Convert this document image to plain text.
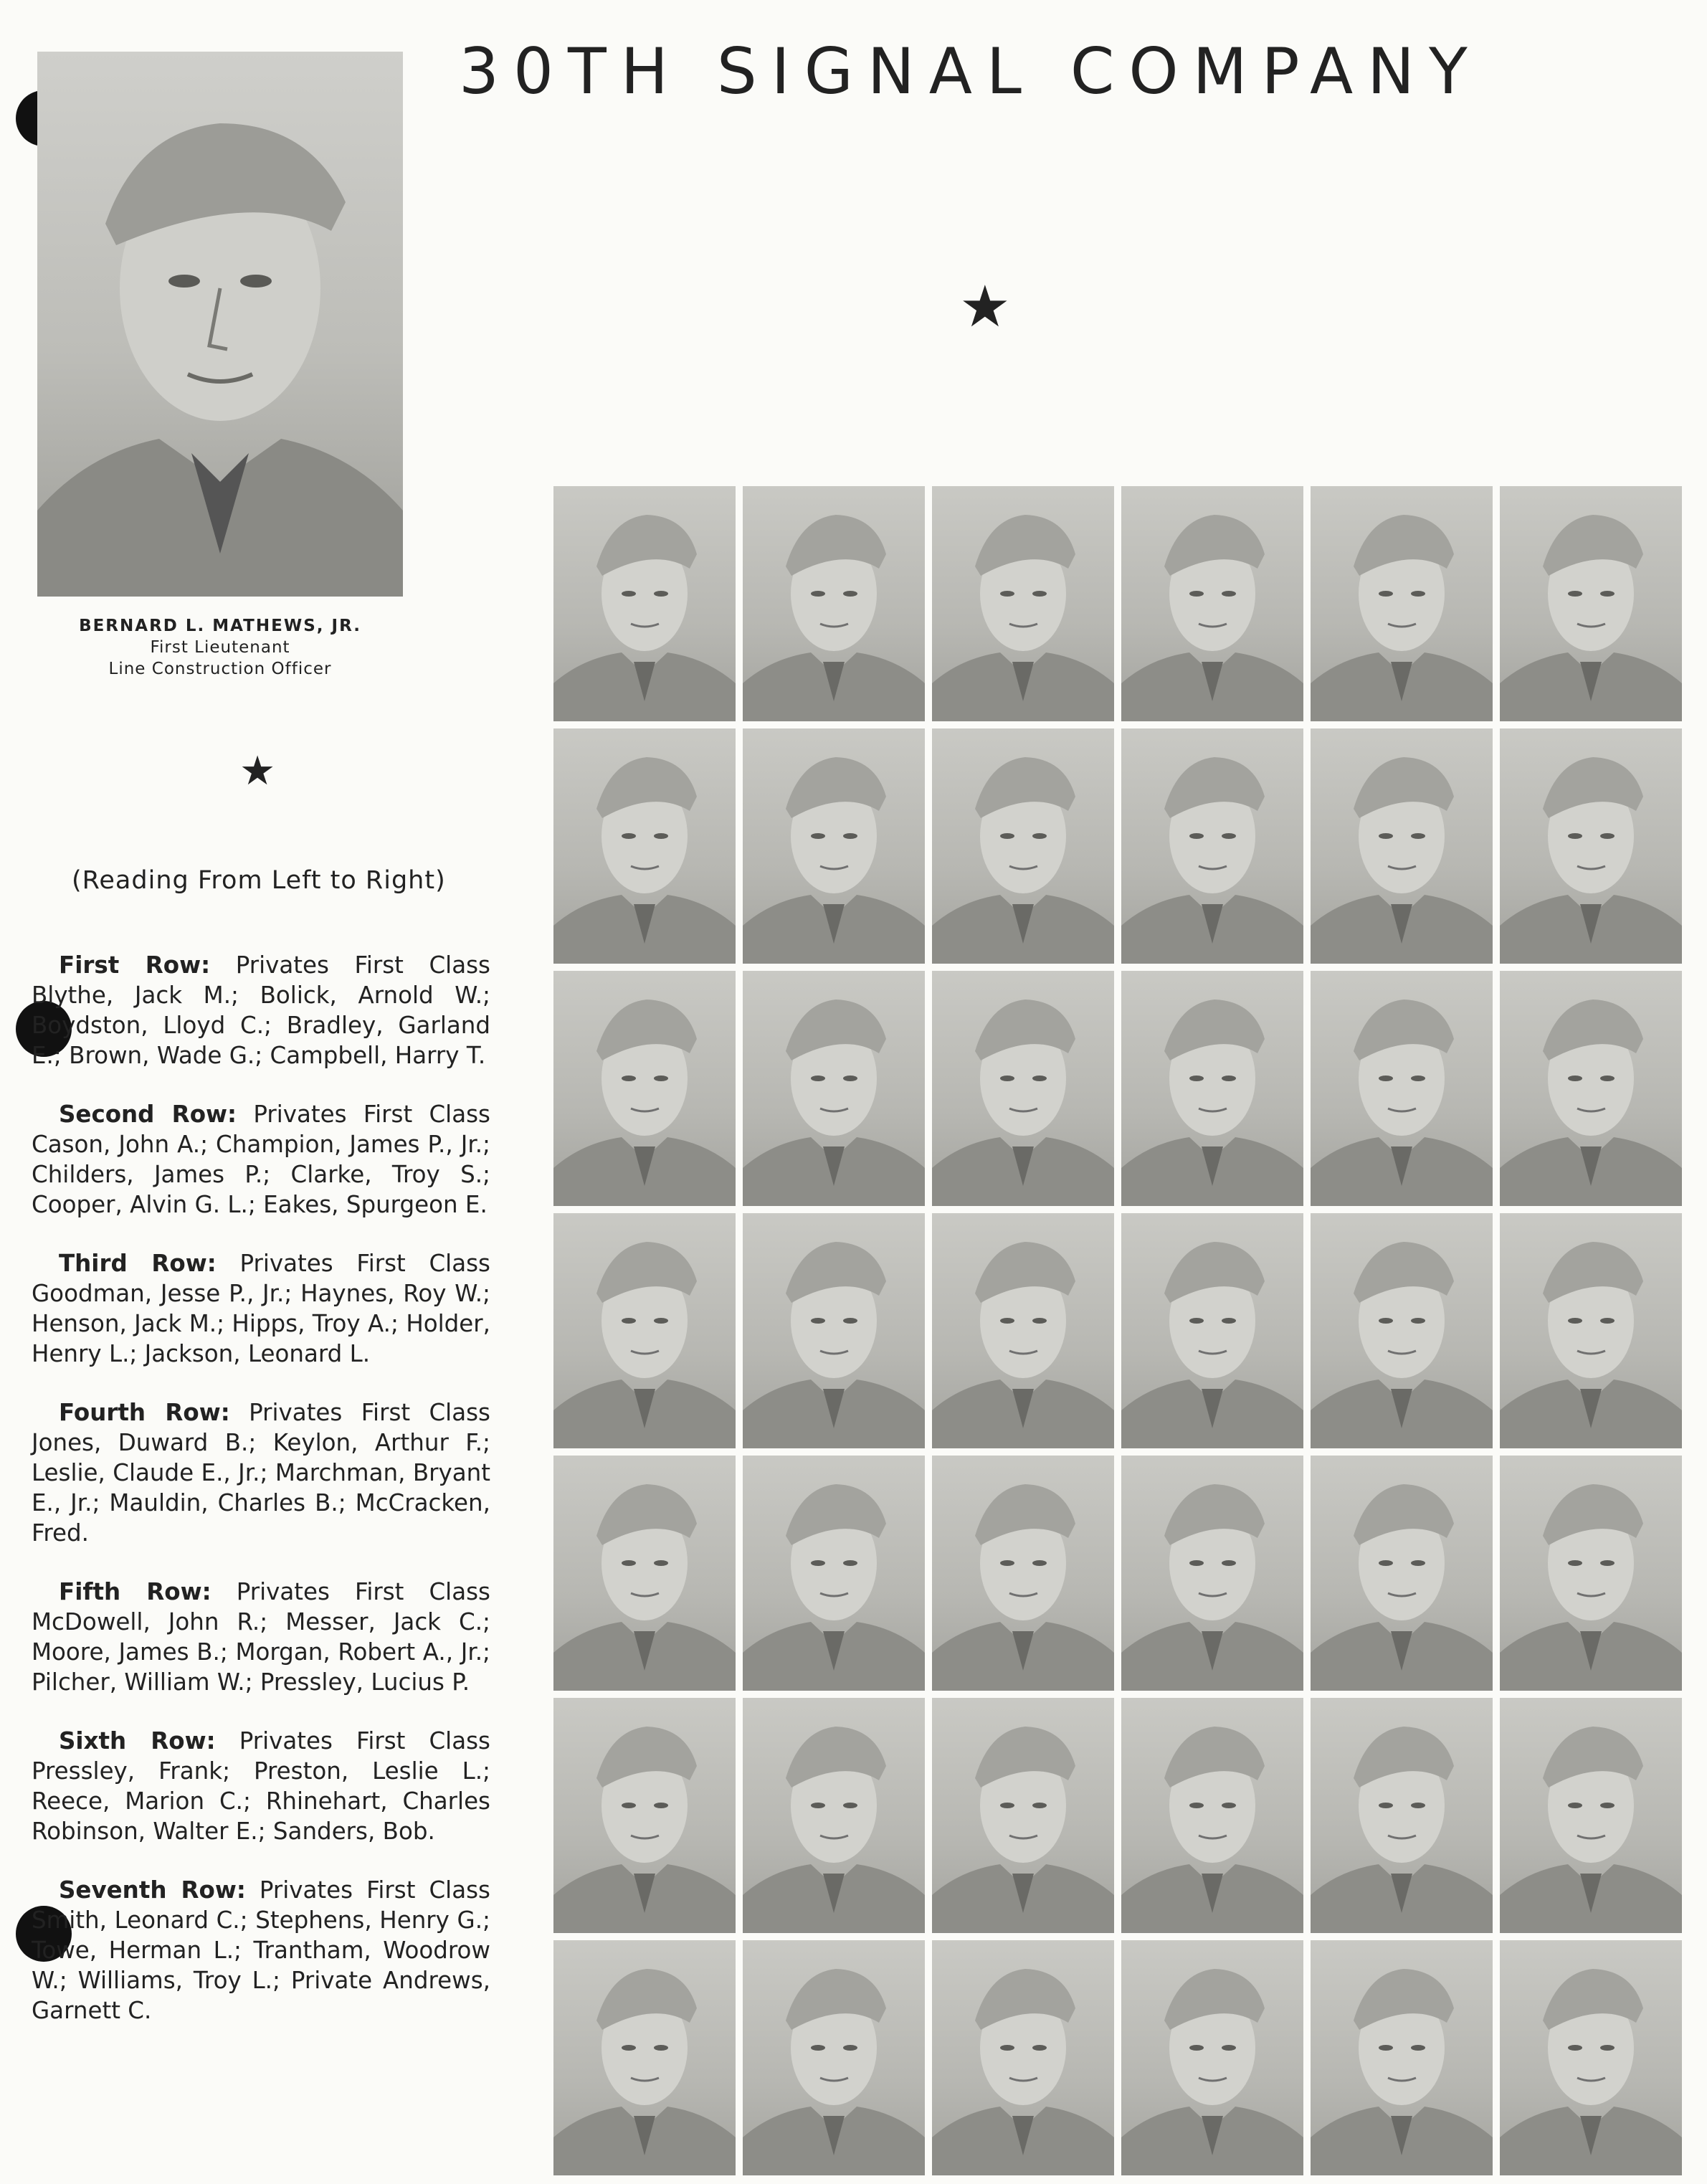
BERNARD L. MATHEWS, JR.
First Lieutenant
Line Construction Officer
30TH SIGNAL COMPANY
★
★
(Reading From Left to Right)

First Row: Privates First Class Blythe, Jack M.; Bolick, Arnold W.; Boydston, Lloyd C.; Bradley, Garland E.; Brown, Wade G.; Campbell, Harry T.

Second Row: Privates First Class Cason, John A.; Champion, James P., Jr.; Childers, James P.; Clarke, Troy S.; Cooper, Alvin G. L.; Eakes, Spurgeon E.

Third Row: Privates First Class Goodman, Jesse P., Jr.; Haynes, Roy W.; Henson, Jack M.; Hipps, Troy A.; Holder, Henry L.; Jackson, Leonard L.

Fourth Row: Privates First Class Jones, Duward B.; Keylon, Arthur F.; Leslie, Claude E., Jr.; Marchman, Bryant E., Jr.; Mauldin, Charles B.; McCracken, Fred.

Fifth Row: Privates First Class McDowell, John R.; Messer, Jack C.; Moore, James B.; Morgan, Robert A., Jr.; Pilcher, William W.; Pressley, Lucius P.

Sixth Row: Privates First Class Pressley, Frank; Preston, Leslie L.; Reece, Marion C.; Rhinehart, Charles Robinson, Walter E.; Sanders, Bob.

Seventh Row: Privates First Class Smith, Leonard C.; Stephens, Henry G.; Towe, Herman L.; Trantham, Woodrow W.; Williams, Troy L.; Private Andrews, Garnett C.
